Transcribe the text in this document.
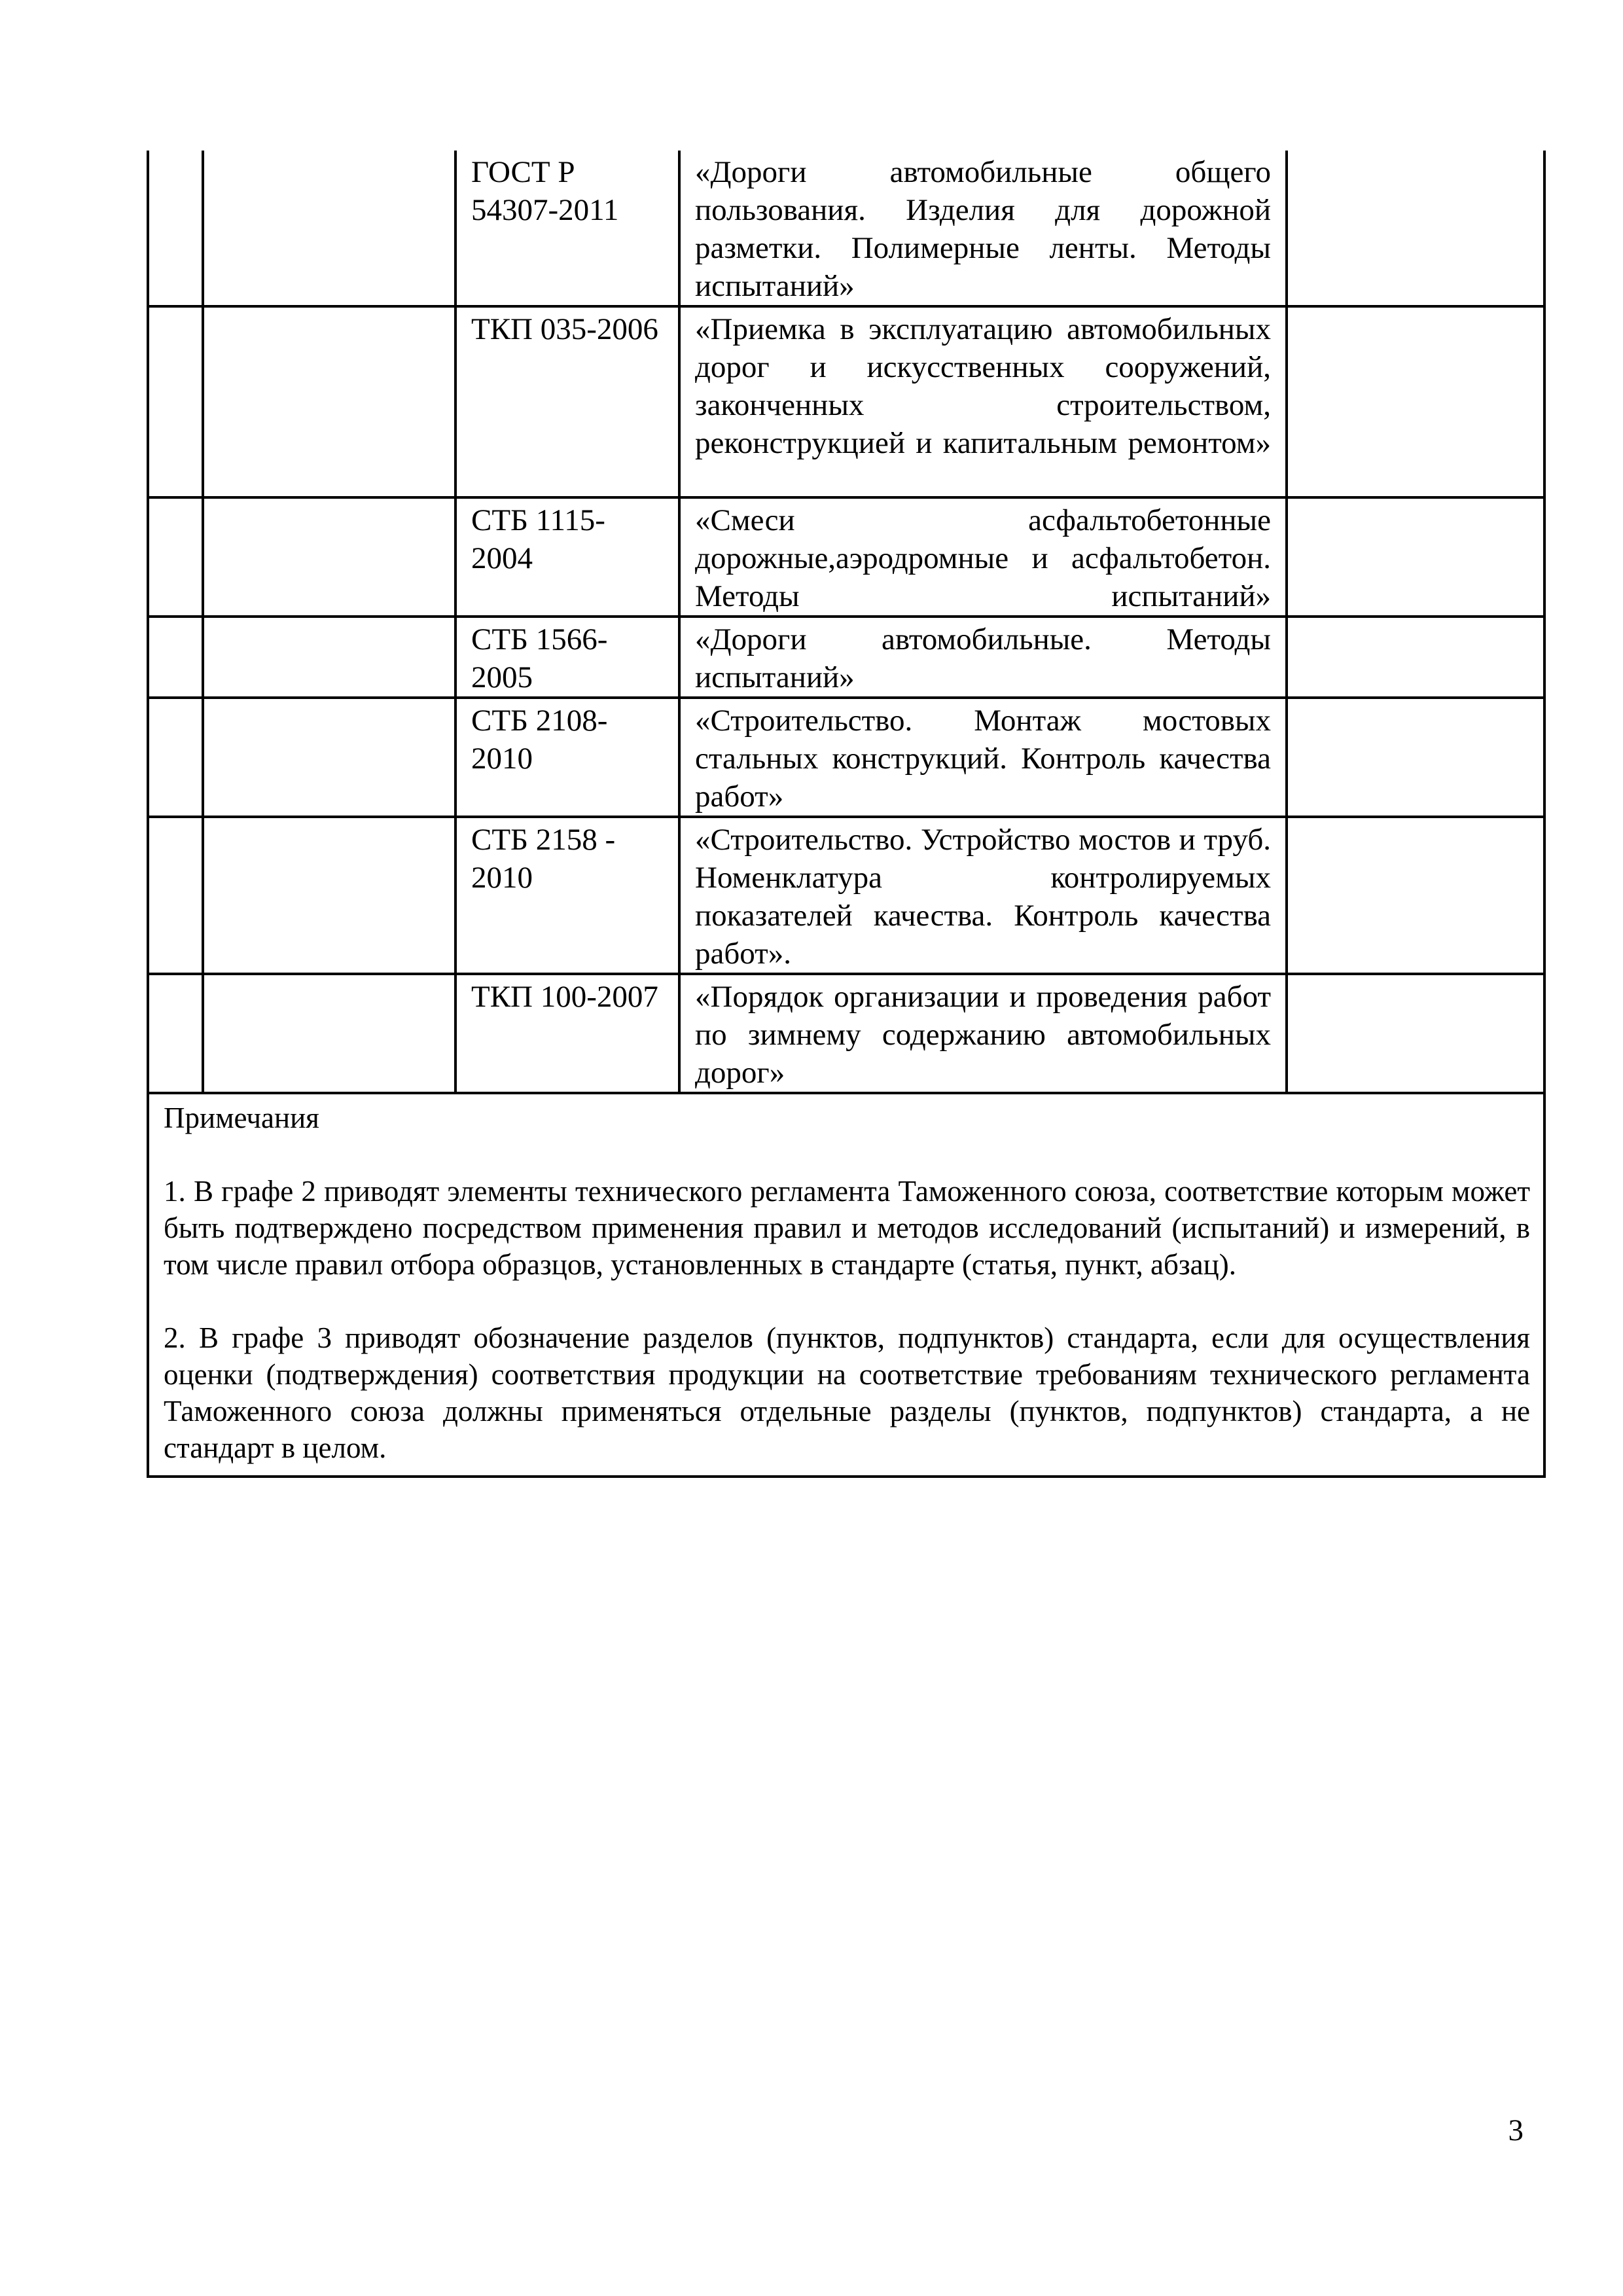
		ГОСТ Р 54307-2011	«Дороги автомобильные общего пользования. Изделия для дорожной разметки. Полимерные ленты. Методы испытаний»	
		ТКП 035-2006	«Приемка в эксплуатацию автомобильных дорог и искусственных сооружений, законченных строительством, реконструкцией и капитальным ремонтом»	
		СТБ 1115-2004	«Смеси асфальтобетонные дорожные,аэродромные и асфальтобетон. Методы испытаний»	
		СТБ 1566-2005	«Дороги автомобильные. Методы испытаний»	
		СТБ 2108-2010	«Строительство. Монтаж мостовых стальных конструкций. Контроль качества работ»	
		СТБ 2158 - 2010	«Строительство. Устройство мостов и труб. Номенклатура контролируемых показателей качества. Контроль качества работ».	
		ТКП 100-2007	«Порядок организации и проведения работ по зимнему содержанию автомобильных дорог»	

Примечания

1. В графе 2 приводят элементы технического регламента Таможенного союза, соответствие которым может быть подтверждено посредством применения правил и методов исследований (испытаний) и измерений, в том числе правил отбора образцов, установленных в стандарте (статья, пункт, абзац).

2. В графе 3 приводят обозначение разделов (пунктов, подпунктов) стандарта, если для осуществления оценки (подтверждения) соответствия продукции на соответствие требованиям технического регламента Таможенного союза должны применяться отдельные разделы (пунктов, подпунктов) стандарта, а не стандарт в целом.				

3
